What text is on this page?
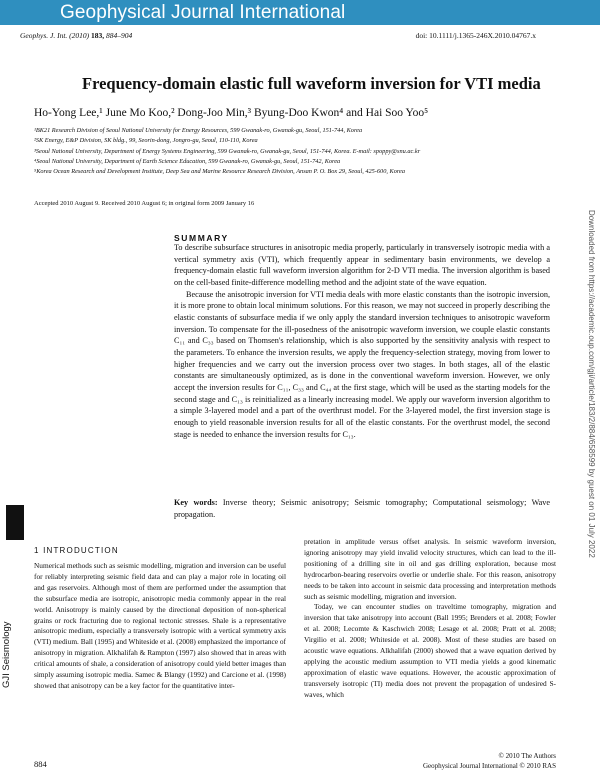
Geophysical Journal International
Geophys. J. Int. (2010) 183, 884–904	doi: 10.1111/j.1365-246X.2010.04767.x
Frequency-domain elastic full waveform inversion for VTI media
Ho-Yong Lee,¹ June Mo Koo,² Dong-Joo Min,³ Byung-Doo Kwon⁴ and Hai Soo Yoo⁵
¹BK21 Research Division of Seoul National University for Energy Resources, 599 Gwanak-ro, Gwanak-gu, Seoul, 151-744, Korea
²SK Energy, E&P Division, SK bldg., 99, Seorin-dong, Jongro-gu, Seoul, 110-110, Korea
³Seoul National University, Department of Energy Systems Engineering, 599 Gwanak-ro, Gwanak-gu, Seoul, 151-744, Korea. E-mail: spoppy@snu.ac.kr
⁴Seoul National University, Department of Earth Science Education, 599 Gwanak-ro, Gwanak-gu, Seoul, 151-742, Korea
⁵Korea Ocean Research and Development Institute, Deep Sea and Marine Resource Research Division, Ansan P. O. Box 29, Seoul, 425-600, Korea
Accepted 2010 August 9. Received 2010 August 6; in original form 2009 January 16
SUMMARY

To describe subsurface structures in anisotropic media properly, particularly in transversely isotropic media with a vertical symmetry axis (VTI), which frequently appear in sedimentary basin environments, we develop a frequency-domain elastic full waveform inversion algorithm for 2-D VTI media. The inversion algorithm is based on the cell-based finite-difference modelling method and the adjoint state of the wave equation.

Because the anisotropic inversion for VTI media deals with more elastic constants than the isotropic inversion, it is more prone to obtain local minimum solutions. For this reason, we may not succeed in properly describing the elastic constants of subsurface media if we only apply the standard inversion techniques to anisotropic waveform inversion. To compensate for the ill-posedness of the anisotropic waveform inversion, we couple elastic constants C₁₁ and C₃₃ based on Thomsen's relationship, which is also supported by the sensitivity analysis with respect to the parameters. To enhance the inversion results, we apply the frequency-selection strategy, moving from lower to higher frequencies and we carry out the inversion process over two stages. In both stages, all of the elastic constants are simultaneously optimized, as is done in the conventional waveform inversion. However, we only accept the inversion results for C₁₁, C₃₃ and C₄₄ at the first stage, which will be used as the starting models for the second stage and C₁₃ is reinitialized as a linearly increasing model. We apply our waveform inversion algorithm to a simple 3-layered model and a part of the overthrust model. For the 3-layered model, the first inversion stage is enough to yield reasonable inversion results for all of the elastic constants. For the overthrust model, the second stage is needed to enhance the inversion results for C₁₃.

Key words: Inverse theory; Seismic anisotropy; Seismic tomography; Computational seismology; Wave propagation.
GJI Seismology
Downloaded from https://academic.oup.com/gji/article/183/2/884/658599 by guest on 01 July 2022
1 INTRODUCTION

Numerical methods such as seismic modelling, migration and inversion can be useful for reliably interpreting seismic field data and can play a major role in locating oil and gas reservoirs. Although most of them are performed under the assumption that the subsurface media are isotropic, anisotropic media commonly appear in the real world. Anisotropy is mainly caused by the directional deposition of non-spherical grains or rock fracturing due to regional tectonic stresses. Shale is a representative anisotropic medium, especially a transversely isotropic with a vertical symmetry axis (VTI) medium. Ball (1995) and Whiteside et al. (2008) emphasized the importance of anisotropy in migration. Alkhalifah & Rampton (1997) also showed that in areas with critical amounts of shale, a consideration of anisotropy could yield better images than simply assuming isotropic media. Samec & Blangy (1992) and Carcione et al. (1998) showed that anisotropy can be a key factor for the quantitative inter-

pretation in amplitude versus offset analysis. In seismic waveform inversion, ignoring anisotropy may yield invalid velocity structures, which can lead to the ill-positioning of a drilling site in oil and gas drilling exploration, because most hydrocarbon-bearing reservoirs overlie or underlie shale. For this reason, anisotropy needs to be taken into account in seismic data processing and interpretation methods such as seismic modelling, migration and inversion.

Today, we can encounter studies on traveltime tomography, migration and inversion that take anisotropy into account (Ball 1995; Brenders et al. 2008; Fowler et al. 2008; Lecomte & Kaschwich 2008; Lesage et al. 2008; Pratt et al. 2008; Virgilio et al. 2008; Whiteside et al. 2008). Most of these studies are based on acoustic wave equations. Alkhalifah (2000) showed that a wave equation derived by applying the acoustic medium assumption to VTI media yields a good kinematic approximation of elastic wave equations. However, the acoustic approximation of transversely isotropic (TI) media does not prevent the propagation of undesired S-waves, which

884
© 2010 The Authors
Geophysical Journal International © 2010 RAS
